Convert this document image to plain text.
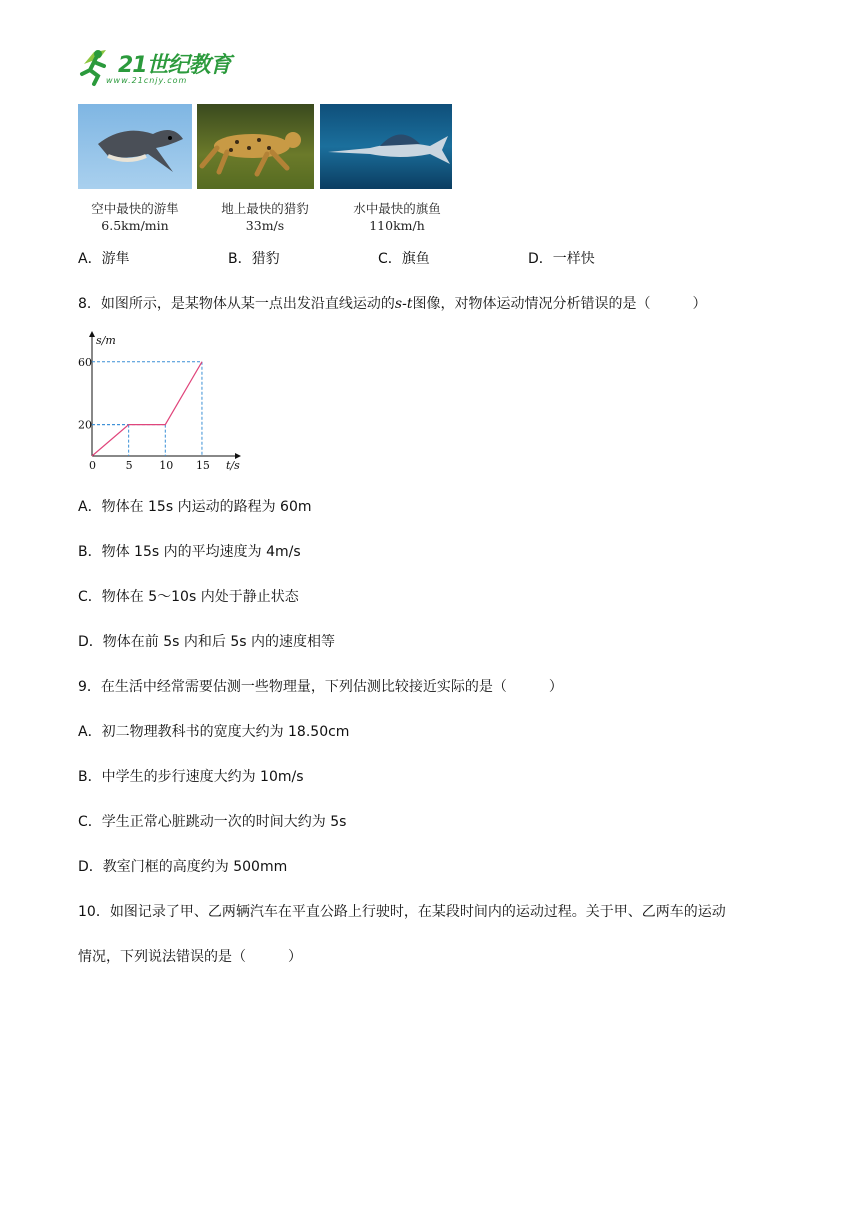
21世纪教育
www.21cnjy.com
空中最快的游隼
6.5km/min
地上最快的猎豹
33m/s
水中最快的旗鱼
110km/h
A．游隼	B．猎豹	C．旗鱼	D．一样快
8．如图所示，是某物体从某一点出发沿直线运动的s-t图像，对物体运动情况分析错误的是（　　　）
0	5 10 15
20
60
s/m
t/s
A．物体在 15s 内运动的路程为 60m
B．物体 15s 内的平均速度为 4m/s
C．物体在 5～10s 内处于静止状态
D．物体在前 5s 内和后 5s 内的速度相等
9．在生活中经常需要估测一些物理量，下列估测比较接近实际的是（　　　）
A．初二物理教科书的宽度大约为 18.50cm
B．中学生的步行速度大约为 10m/s
C．学生正常心脏跳动一次的时间大约为 5s
D．教室门框的高度约为 500mm
10．如图记录了甲、乙两辆汽车在平直公路上行驶时，在某段时间内的运动过程。关于甲、乙两车的运动
情况，下列说法错误的是（　　　）
